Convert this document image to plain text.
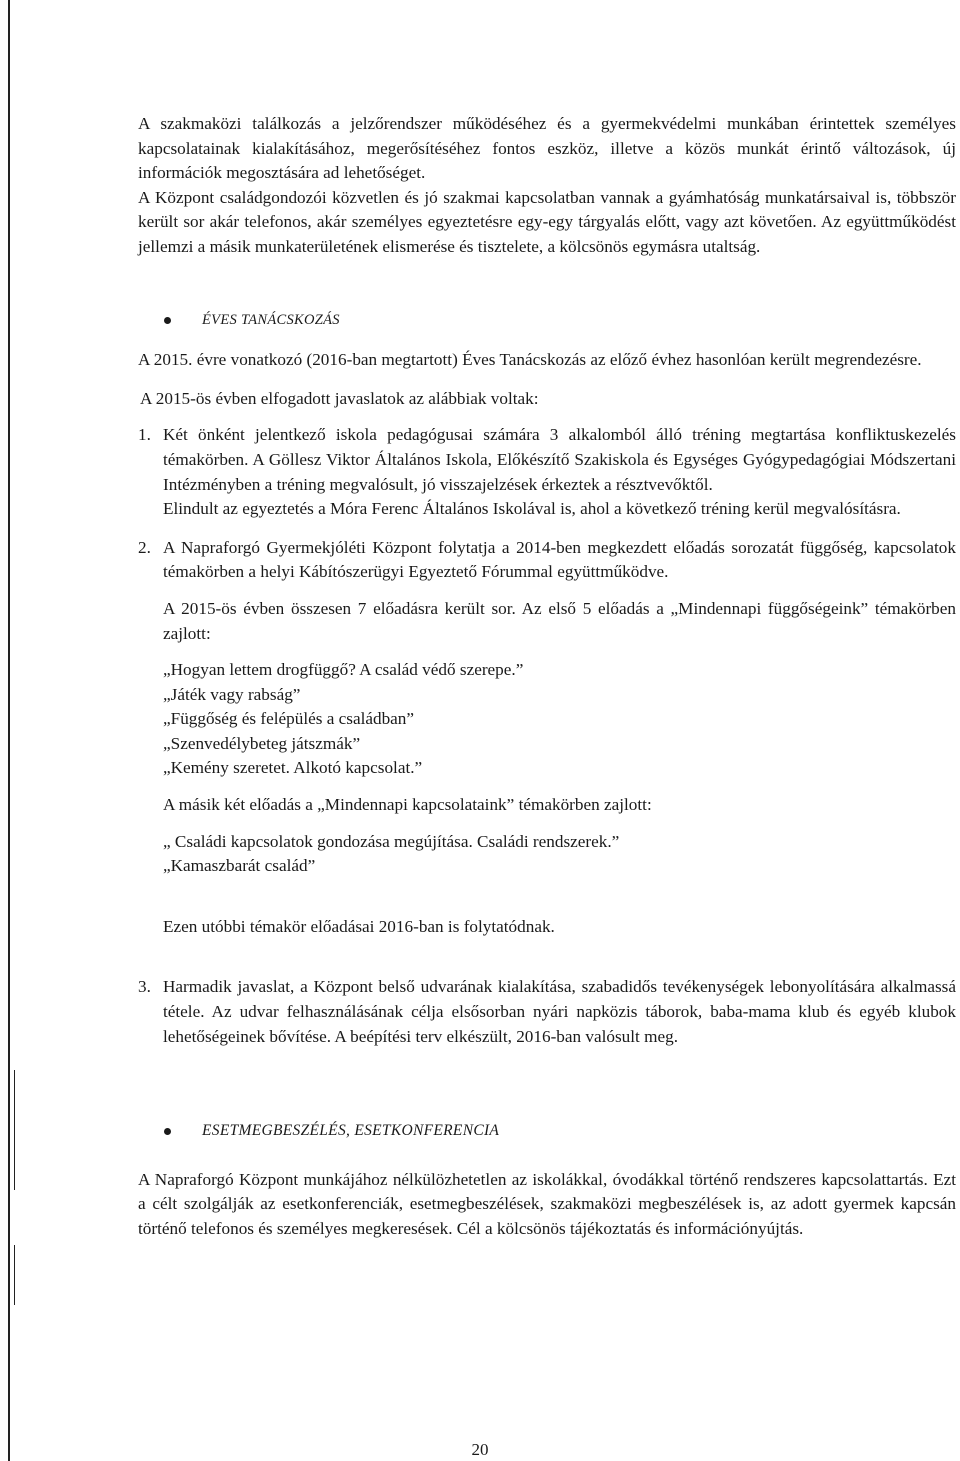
A szakmaközi találkozás a jelzőrendszer működéséhez és a gyermekvédelmi munkában érintettek személyes kapcsolatainak kialakításához, megerősítéséhez fontos eszköz, illetve a közös munkát érintő változások, új információk megosztására ad lehetőséget.

A Központ családgondozói közvetlen és jó szakmai kapcsolatban vannak a gyámhatóság munkatársaival is, többször került sor akár telefonos, akár személyes egyeztetésre egy-egy tárgyalás előtt, vagy azt követően. Az együttműködést jellemzi a másik munkaterületének elismerése és tisztelete, a kölcsönös egymásra utaltság.

ÉVES TANÁCSKOZÁS

A 2015. évre vonatkozó (2016-ban megtartott) Éves Tanácskozás az előző évhez hasonlóan került megrendezésre.

A 2015-ös évben elfogadott javaslatok az alábbiak voltak:

1. Két önként jelentkező iskola pedagógusai számára 3 alkalomból álló tréning megtartása konfliktuskezelés témakörben. A Göllesz Viktor Általános Iskola, Előkészítő Szakiskola és Egységes Gyógypedagógiai Módszertani Intézményben a tréning megvalósult, jó visszajelzések érkeztek a résztvevőktől.

Elindult az egyeztetés a Móra Ferenc Általános Iskolával is, ahol a következő tréning kerül megvalósításra.

2. A Napraforgó Gyermekjóléti Központ folytatja a 2014-ben megkezdett előadás sorozatát függőség, kapcsolatok témakörben a helyi Kábítószerügyi Egyeztető Fórummal együttműködve.

A 2015-ös évben összesen 7 előadásra került sor. Az első 5 előadás a „Mindennapi függőségeink” témakörben zajlott:

„Hogyan lettem drogfüggő? A család védő szerepe.”

„Játék vagy rabság”

„Függőség és felépülés a családban”

„Szenvedélybeteg játszmák”

„Kemény szeretet. Alkotó kapcsolat.”

A másik két előadás a „Mindennapi kapcsolataink” témakörben zajlott:

„ Családi kapcsolatok gondozása megújítása. Családi rendszerek.”

„Kamaszbarát család”

Ezen utóbbi témakör előadásai 2016-ban is folytatódnak.

3. Harmadik javaslat, a Központ belső udvarának kialakítása, szabadidős tevékenységek lebonyolítására alkalmassá tétele. Az udvar felhasználásának célja elsősorban nyári napközis táborok, baba-mama klub és egyéb klubok lehetőségeinek bővítése. A beépítési terv elkészült, 2016-ban valósult meg.

ESETMEGBESZÉLÉS, ESETKONFERENCIA

A Napraforgó Központ munkájához nélkülözhetetlen az iskolákkal, óvodákkal történő rendszeres kapcsolattartás. Ezt a célt szolgálják az esetkonferenciák, esetmegbeszélések, szakmaközi megbeszélések is, az adott gyermek kapcsán történő telefonos és személyes megkeresések. Cél a kölcsönös tájékoztatás és információnyújtás.

20
